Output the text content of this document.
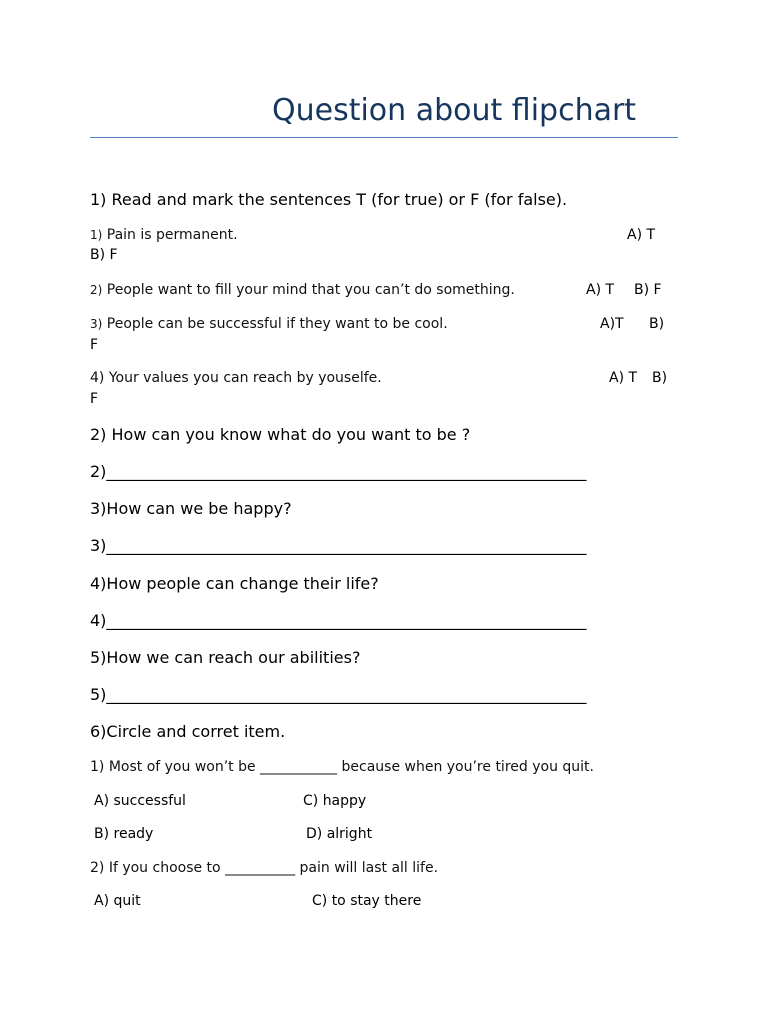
Question about flipchart
1) Read and mark the sentences T (for true) or F (for false).
1) Pain is permanent.	A) T
B) F
2) People want to fill your mind that you can’t do something.	A) T B) F
3) People can be successful if they want to be cool.	A)T B)
F
4) Your values you can reach by youselfe.	A) T B)
F
2) How can you know what do you want to be ?
2)____________________________________________________________
3)How can we be happy?
3)____________________________________________________________
4)How people can change their life?
4)____________________________________________________________
5)How we can reach our abilities?
5)____________________________________________________________
6)Circle and corret item.
1) Most of you won’t be ___________ because when you’re tired you quit.
A) successful	C) happy
B) ready	D) alright
2) If you choose to __________ pain will last all life.
A) quit	C) to stay there
